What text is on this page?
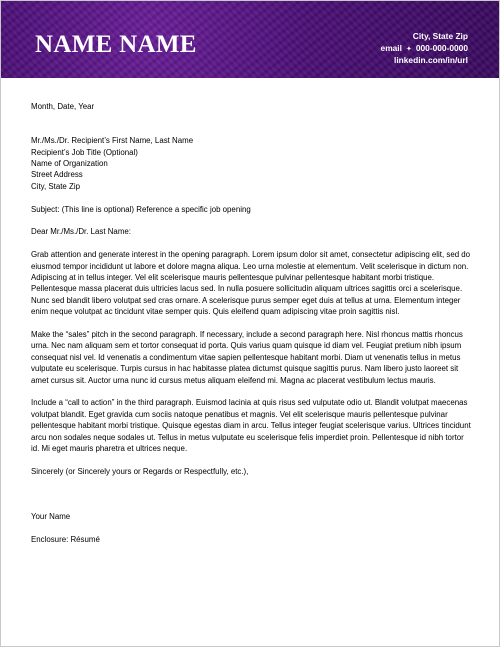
NAME NAME	City, State Zip
email ✦ 000-000-0000
linkedin.com/in/url

Month, Date, Year

Mr./Ms./Dr. Recipient’s First Name, Last Name

Recipient’s Job Title (Optional)

Name of Organization

Street Address

City, State Zip

Subject: (This line is optional) Reference a specific job opening

Dear Mr./Ms./Dr. Last Name:

Grab attention and generate interest in the opening paragraph. Lorem ipsum dolor sit amet, consectetur adipiscing elit, sed do eiusmod tempor incididunt ut labore et dolore magna aliqua. Leo urna molestie at elementum. Velit scelerisque in dictum non. Adipiscing at in tellus integer. Vel elit scelerisque mauris pellentesque pulvinar pellentesque habitant morbi tristique. Pellentesque massa placerat duis ultricies lacus sed. In nulla posuere sollicitudin aliquam ultrices sagittis orci a scelerisque. Nunc sed blandit libero volutpat sed cras ornare. A scelerisque purus semper eget duis at tellus at urna. Elementum integer enim neque volutpat ac tincidunt vitae semper quis. Quis eleifend quam adipiscing vitae proin sagittis nisl.

Make the “sales” pitch in the second paragraph. If necessary, include a second paragraph here. Nisl rhoncus mattis rhoncus urna. Nec nam aliquam sem et tortor consequat id porta. Quis varius quam quisque id diam vel. Feugiat pretium nibh ipsum consequat nisl vel. Id venenatis a condimentum vitae sapien pellentesque habitant morbi. Diam ut venenatis tellus in metus vulputate eu scelerisque. Turpis cursus in hac habitasse platea dictumst quisque sagittis purus. Nam libero justo laoreet sit amet cursus sit. Auctor urna nunc id cursus metus aliquam eleifend mi. Magna ac placerat vestibulum lectus mauris.

Include a “call to action” in the third paragraph. Euismod lacinia at quis risus sed vulputate odio ut. Blandit volutpat maecenas volutpat blandit. Eget gravida cum sociis natoque penatibus et magnis. Vel elit scelerisque mauris pellentesque pulvinar pellentesque habitant morbi tristique. Quisque egestas diam in arcu. Tellus integer feugiat scelerisque varius. Ultrices tincidunt arcu non sodales neque sodales ut. Tellus in metus vulputate eu scelerisque felis imperdiet proin. Pellentesque id nibh tortor id. Mi eget mauris pharetra et ultrices neque.

Sincerely (or Sincerely yours or Regards or Respectfully, etc.),

Your Name

Enclosure: Résumé
